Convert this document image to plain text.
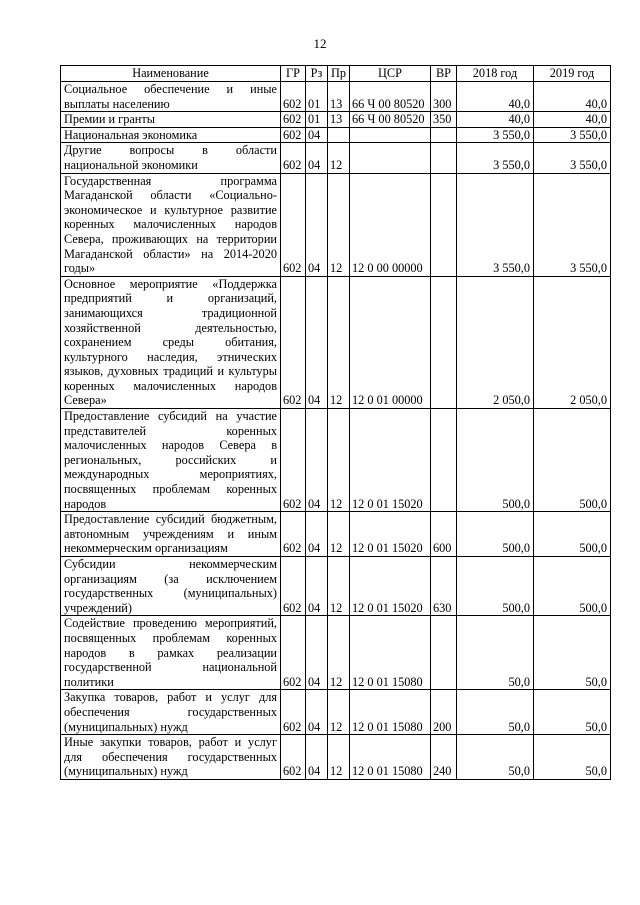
12
Наименование	ГР	Рз	Пр	ЦСР	ВР	2018 год	2019 год
Социальное обеспечение и иные выплаты населению	602	01	13	66 Ч 00 80520	300	40,0	40,0
Премии и гранты	602	01	13	66 Ч 00 80520	350	40,0	40,0
Национальная экономика	602	04				3 550,0	3 550,0
Другие вопросы в области национальной экономики	602	04	12			3 550,0	3 550,0
Государственная программа Магаданской области «Социально-экономическое и культурное развитие коренных малочисленных народов Севера, проживающих на территории Магаданской области» на 2014-2020 годы»	602	04	12	12 0 00 00000		3 550,0	3 550,0
Основное мероприятие «Поддержка предприятий и организаций, занимающихся традиционной хозяйственной деятельностью, сохранением среды обитания, культурного наследия, этнических языков, духовных традиций и культуры коренных малочисленных народов Севера»	602	04	12	12 0 01 00000		2 050,0	2 050,0
Предоставление субсидий на участие представителей коренных малочисленных народов Севера в региональных, российских и международных мероприятиях, посвященных проблемам коренных народов	602	04	12	12 0 01 15020		500,0	500,0
Предоставление субсидий бюджетным, автономным учреждениям и иным некоммерческим организациям	602	04	12	12 0 01 15020	600	500,0	500,0
Субсидии некоммерческим организациям (за исключением государственных (муниципальных) учреждений)	602	04	12	12 0 01 15020	630	500,0	500,0
Содействие проведению мероприятий, посвященных проблемам коренных народов в рамках реализации государственной национальной политики	602	04	12	12 0 01 15080		50,0	50,0
Закупка товаров, работ и услуг для обеспечения государственных (муниципальных) нужд	602	04	12	12 0 01 15080	200	50,0	50,0
Иные закупки товаров, работ и услуг для обеспечения государственных (муниципальных) нужд	602	04	12	12 0 01 15080	240	50,0	50,0
